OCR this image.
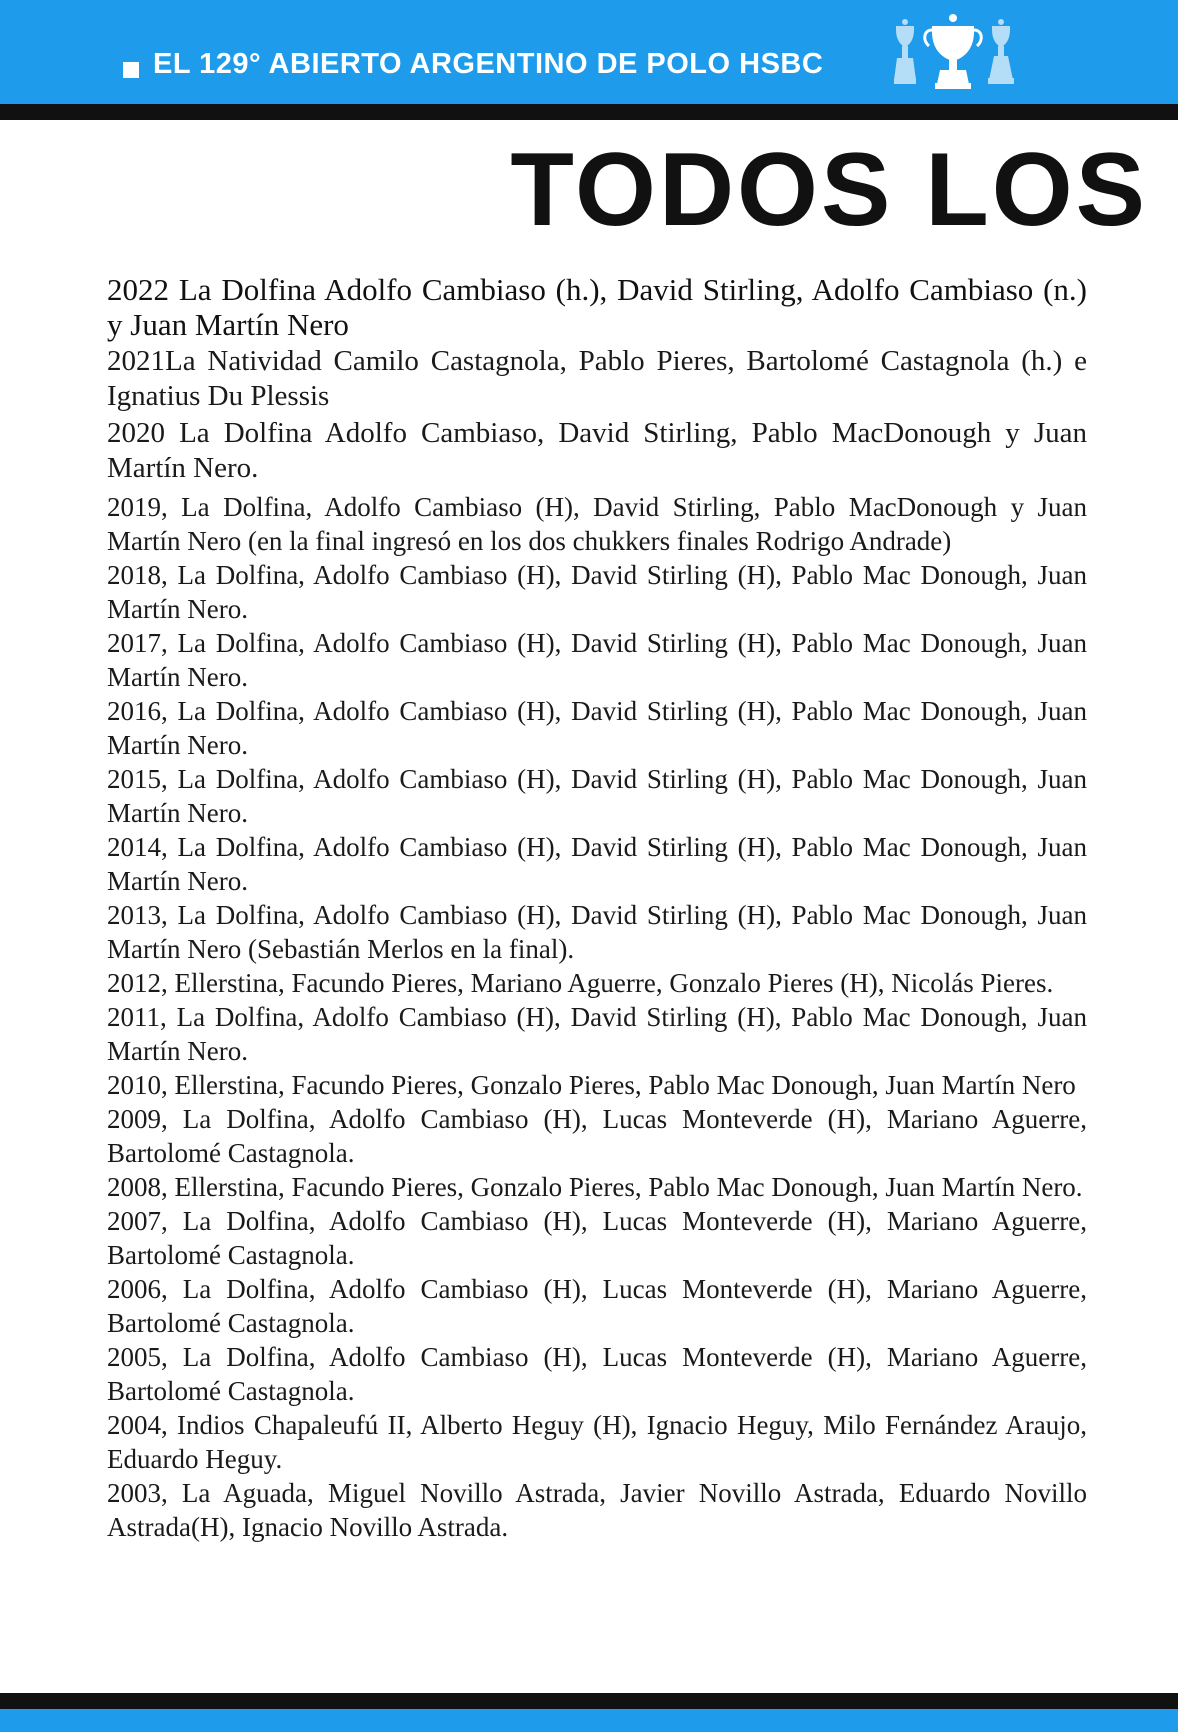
EL 129° ABIERTO ARGENTINO DE POLO HSBC
TODOS LOS
2022 La Dolfina Adolfo Cambiaso (h.), David Stirling, Adolfo Cambiaso (n.) y Juan Martín Nero
2021La Natividad Camilo Castagnola, Pablo Pieres, Bartolomé Castagnola (h.) e Ignatius Du Plessis
2020 La Dolfina Adolfo Cambiaso, David Stirling, Pablo MacDonough y Juan Martín Nero.
2019, La Dolfina, Adolfo Cambiaso (H), David Stirling, Pablo MacDonough y Juan Martín Nero (en la final ingresó en los dos chukkers finales Rodrigo Andrade)
2018, La Dolfina, Adolfo Cambiaso (H), David Stirling (H), Pablo Mac Donough, Juan Martín Nero.
2017, La Dolfina, Adolfo Cambiaso (H), David Stirling (H), Pablo Mac Donough, Juan Martín Nero.
2016, La Dolfina, Adolfo Cambiaso (H), David Stirling (H), Pablo Mac Donough, Juan Martín Nero.
2015, La Dolfina, Adolfo Cambiaso (H), David Stirling (H), Pablo Mac Donough, Juan Martín Nero.
2014, La Dolfina, Adolfo Cambiaso (H), David Stirling (H), Pablo Mac Donough, Juan Martín Nero.
2013, La Dolfina, Adolfo Cambiaso (H), David Stirling (H), Pablo Mac Donough, Juan Martín Nero (Sebastián Merlos en la final).
2012, Ellerstina, Facundo Pieres, Mariano Aguerre, Gonzalo Pieres (H), Nicolás Pieres.
2011, La Dolfina, Adolfo Cambiaso (H), David Stirling (H), Pablo Mac Donough, Juan Martín Nero.
2010, Ellerstina, Facundo Pieres, Gonzalo Pieres, Pablo Mac Donough, Juan Martín Nero
2009, La Dolfina, Adolfo Cambiaso (H), Lucas Monteverde (H), Mariano Aguerre, Bartolomé Castagnola.
2008, Ellerstina, Facundo Pieres, Gonzalo Pieres, Pablo Mac Donough, Juan Martín Nero.
2007, La Dolfina, Adolfo Cambiaso (H), Lucas Monteverde (H), Mariano Aguerre, Bartolomé Castagnola.
2006, La Dolfina, Adolfo Cambiaso (H), Lucas Monteverde (H), Mariano Aguerre, Bartolomé Castagnola.
2005, La Dolfina, Adolfo Cambiaso (H), Lucas Monteverde (H), Mariano Aguerre, Bartolomé Castagnola.
2004, Indios Chapaleufú II, Alberto Heguy (H), Ignacio Heguy, Milo Fernández Araujo, Eduardo Heguy.
2003, La Aguada, Miguel Novillo Astrada, Javier Novillo Astrada, Eduardo Novillo Astrada(H), Ignacio Novillo Astrada.
